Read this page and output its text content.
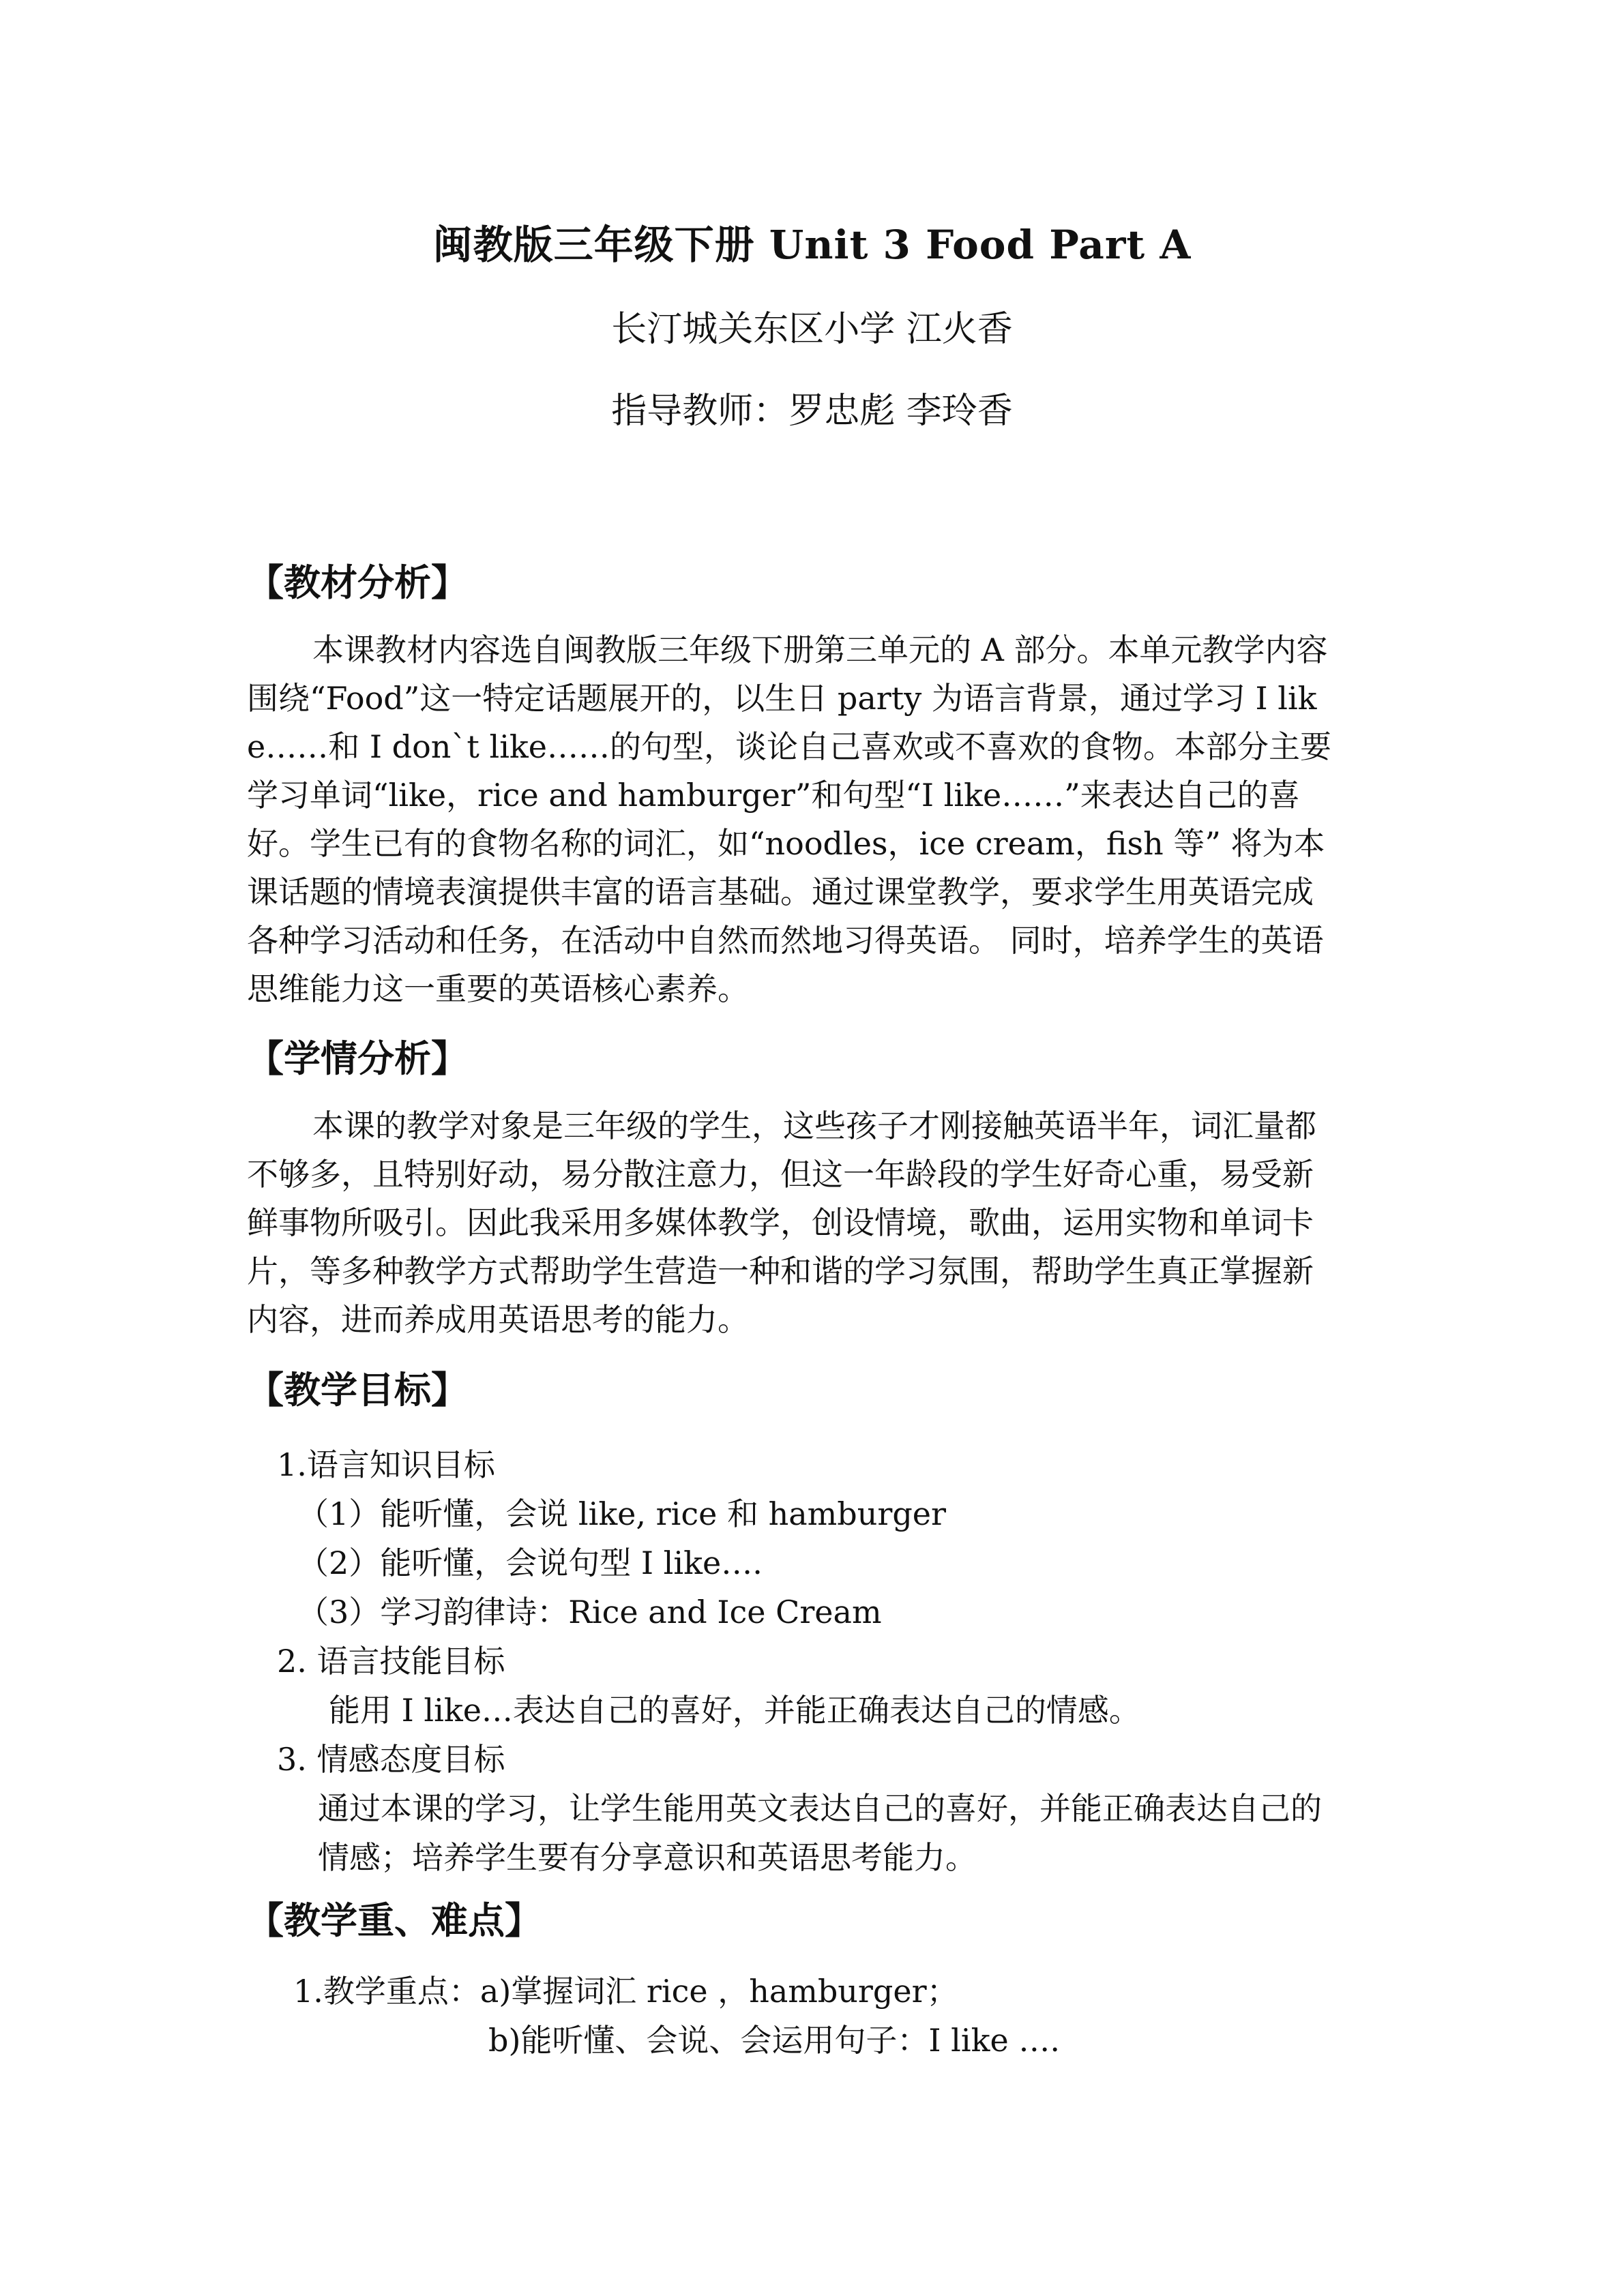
闽教版三年级下册 Unit 3 Food Part A
长汀城关东区小学 江火香
指导教师：罗忠彪 李玲香
【教材分析】
本课教材内容选自闽教版三年级下册第三单元的 A 部分。本单元教学内容
围绕“Food”这一特定话题展开的，以生日 party 为语言背景，通过学习 I lik
e……和 I don`t like……的句型，谈论自己喜欢或不喜欢的食物。本部分主要
学习单词“like，rice and hamburger”和句型“I like……”来表达自己的喜
好。学生已有的食物名称的词汇，如“noodles，ice cream，fish 等” 将为本
课话题的情境表演提供丰富的语言基础。通过课堂教学，要求学生用英语完成
各种学习活动和任务，在活动中自然而然地习得英语。 同时，培养学生的英语
思维能力这一重要的英语核心素养。
【学情分析】
本课的教学对象是三年级的学生，这些孩子才刚接触英语半年，词汇量都
不够多，且特别好动，易分散注意力，但这一年龄段的学生好奇心重，易受新
鲜事物所吸引。因此我采用多媒体教学，创设情境，歌曲，运用实物和单词卡
片，等多种教学方式帮助学生营造一种和谐的学习氛围，帮助学生真正掌握新
内容，进而养成用英语思考的能力。
【教学目标】
1.语言知识目标
（1）能听懂，会说 like, rice 和 hamburger
（2）能听懂，会说句型 I like….
（3）学习韵律诗：Rice and Ice Cream
2. 语言技能目标
能用 I like…表达自己的喜好，并能正确表达自己的情感。
3. 情感态度目标
通过本课的学习，让学生能用英文表达自己的喜好，并能正确表达自己的
情感；培养学生要有分享意识和英语思考能力。
【教学重、难点】
1.教学重点：a)掌握词汇 rice ，hamburger；
b)能听懂、会说、会运用句子：I like ….
